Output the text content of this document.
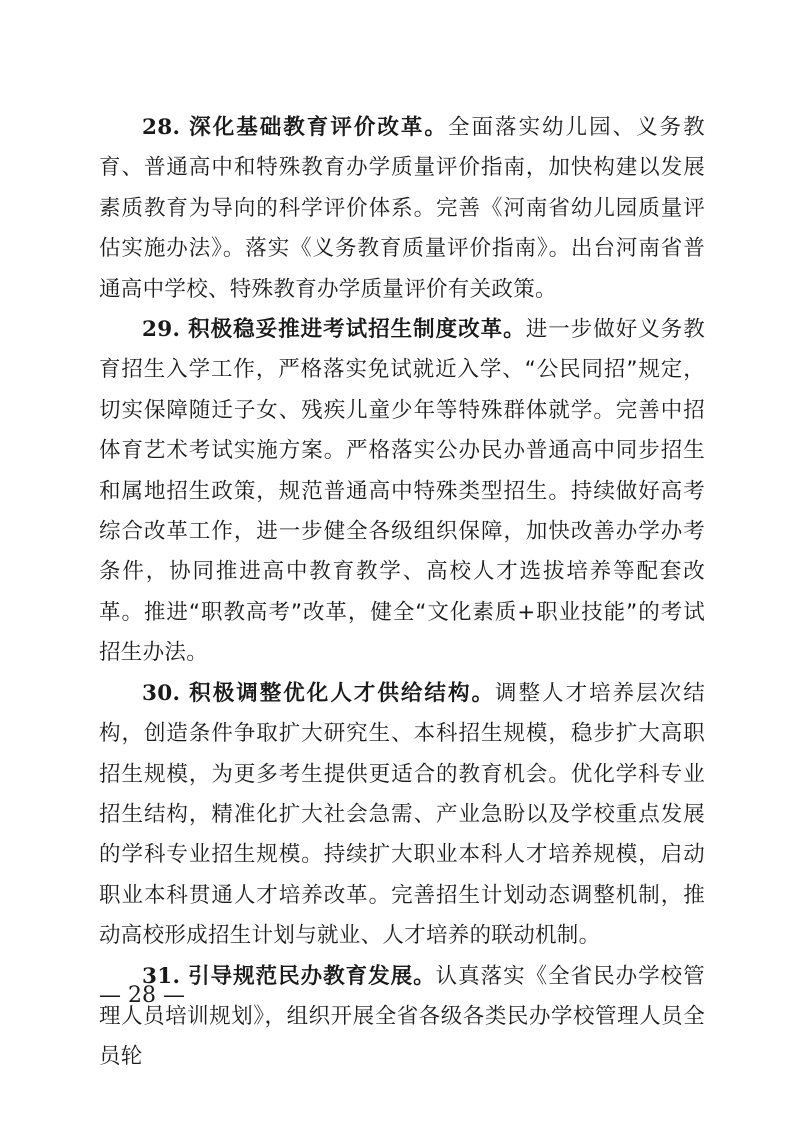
28. 深化基础教育评价改革。全面落实幼儿园、义务教育、普通高中和特殊教育办学质量评价指南，加快构建以发展素质教育为导向的科学评价体系。完善《河南省幼儿园质量评估实施办法》。落实《义务教育质量评价指南》。出台河南省普通高中学校、特殊教育办学质量评价有关政策。

29. 积极稳妥推进考试招生制度改革。进一步做好义务教育招生入学工作，严格落实免试就近入学、“公民同招”规定，切实保障随迁子女、残疾儿童少年等特殊群体就学。完善中招体育艺术考试实施方案。严格落实公办民办普通高中同步招生和属地招生政策，规范普通高中特殊类型招生。持续做好高考综合改革工作，进一步健全各级组织保障，加快改善办学办考条件，协同推进高中教育教学、高校人才选拔培养等配套改革。推进“职教高考”改革，健全“文化素质+职业技能”的考试招生办法。

30. 积极调整优化人才供给结构。调整人才培养层次结构，创造条件争取扩大研究生、本科招生规模，稳步扩大高职招生规模，为更多考生提供更适合的教育机会。优化学科专业招生结构，精准化扩大社会急需、产业急盼以及学校重点发展的学科专业招生规模。持续扩大职业本科人才培养规模，启动职业本科贯通人才培养改革。完善招生计划动态调整机制，推动高校形成招生计划与就业、人才培养的联动机制。

31. 引导规范民办教育发展。认真落实《全省民办学校管理人员培训规划》，组织开展全省各级各类民办学校管理人员全员轮

— 28 —
